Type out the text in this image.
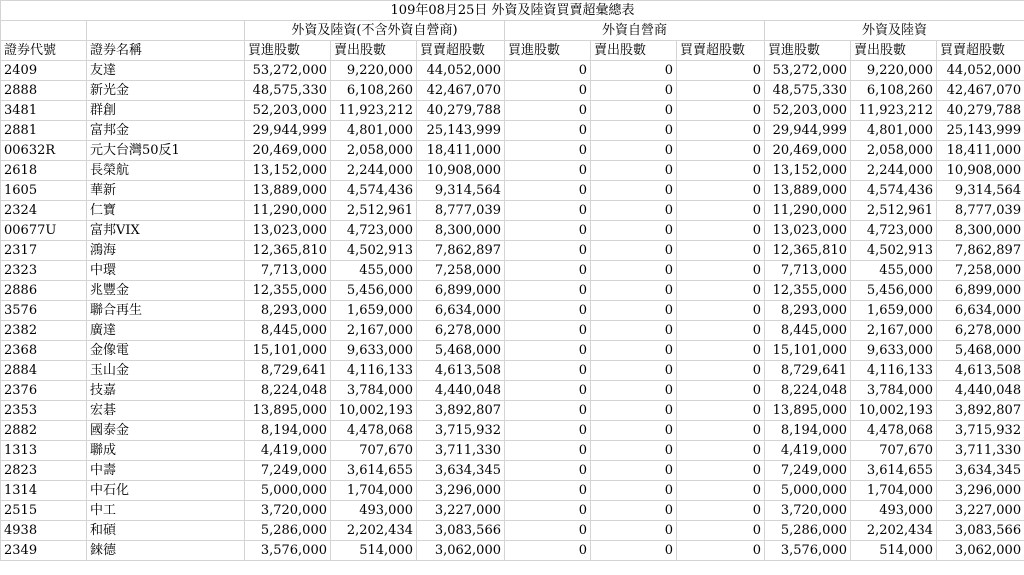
109年08月25日 外資及陸資買賣超彙總表										
		外資及陸資(不含外資自營商)			外資自營商			外資及陸資		
證券代號	證券名稱	買進股數	賣出股數	買賣超股數	買進股數	賣出股數	買賣超股數	買進股數	賣出股數	買賣超股數
2409	友達	53,272,000	9,220,000	44,052,000	0	0	0	53,272,000	9,220,000	44,052,000
2888	新光金	48,575,330	6,108,260	42,467,070	0	0	0	48,575,330	6,108,260	42,467,070
3481	群創	52,203,000	11,923,212	40,279,788	0	0	0	52,203,000	11,923,212	40,279,788
2881	富邦金	29,944,999	4,801,000	25,143,999	0	0	0	29,944,999	4,801,000	25,143,999
00632R	元大台灣50反1	20,469,000	2,058,000	18,411,000	0	0	0	20,469,000	2,058,000	18,411,000
2618	長榮航	13,152,000	2,244,000	10,908,000	0	0	0	13,152,000	2,244,000	10,908,000
1605	華新	13,889,000	4,574,436	9,314,564	0	0	0	13,889,000	4,574,436	9,314,564
2324	仁寶	11,290,000	2,512,961	8,777,039	0	0	0	11,290,000	2,512,961	8,777,039
00677U	富邦VIX	13,023,000	4,723,000	8,300,000	0	0	0	13,023,000	4,723,000	8,300,000
2317	鴻海	12,365,810	4,502,913	7,862,897	0	0	0	12,365,810	4,502,913	7,862,897
2323	中環	7,713,000	455,000	7,258,000	0	0	0	7,713,000	455,000	7,258,000
2886	兆豐金	12,355,000	5,456,000	6,899,000	0	0	0	12,355,000	5,456,000	6,899,000
3576	聯合再生	8,293,000	1,659,000	6,634,000	0	0	0	8,293,000	1,659,000	6,634,000
2382	廣達	8,445,000	2,167,000	6,278,000	0	0	0	8,445,000	2,167,000	6,278,000
2368	金像電	15,101,000	9,633,000	5,468,000	0	0	0	15,101,000	9,633,000	5,468,000
2884	玉山金	8,729,641	4,116,133	4,613,508	0	0	0	8,729,641	4,116,133	4,613,508
2376	技嘉	8,224,048	3,784,000	4,440,048	0	0	0	8,224,048	3,784,000	4,440,048
2353	宏碁	13,895,000	10,002,193	3,892,807	0	0	0	13,895,000	10,002,193	3,892,807
2882	國泰金	8,194,000	4,478,068	3,715,932	0	0	0	8,194,000	4,478,068	3,715,932
1313	聯成	4,419,000	707,670	3,711,330	0	0	0	4,419,000	707,670	3,711,330
2823	中壽	7,249,000	3,614,655	3,634,345	0	0	0	7,249,000	3,614,655	3,634,345
1314	中石化	5,000,000	1,704,000	3,296,000	0	0	0	5,000,000	1,704,000	3,296,000
2515	中工	3,720,000	493,000	3,227,000	0	0	0	3,720,000	493,000	3,227,000
4938	和碩	5,286,000	2,202,434	3,083,566	0	0	0	5,286,000	2,202,434	3,083,566
2349	錸德	3,576,000	514,000	3,062,000	0	0	0	3,576,000	514,000	3,062,000
